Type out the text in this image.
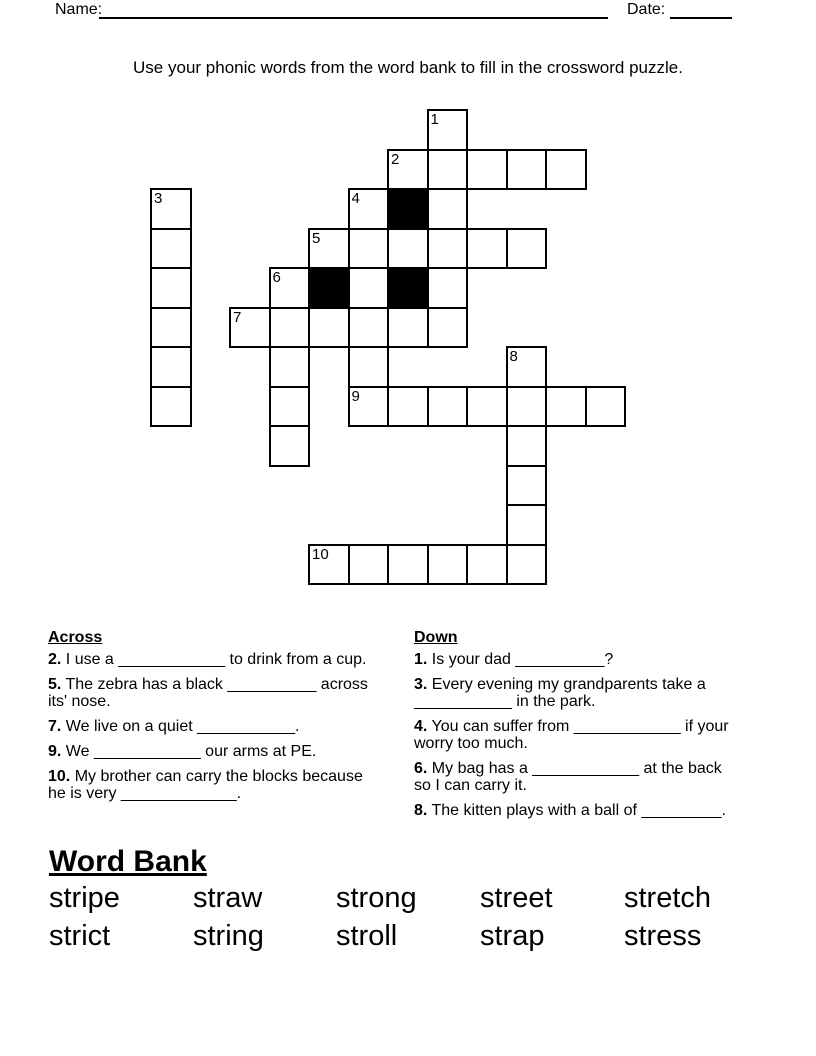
Name:	Date:
Use your phonic words from the word bank to fill in the crossword puzzle.
1
2
3	4
5
6
7
8
9
10
Across

2. I use a ____________ to drink from a cup.

5. The zebra has a black __________ across
its' nose.

7. We live on a quiet ___________.

9. We ____________ our arms at PE.

10. My brother can carry the blocks because
he is very _____________.

Down

1. Is your dad __________?

3. Every evening my grandparents take a
___________ in the park.

4. You can suffer from ____________ if your
worry too much.

6. My bag has a ____________ at the back
so I can carry it.

8. The kitten plays with a ball of _________.

Word Bank
stripe	straw	strong street stretch
strict	string stroll	strap	stress
